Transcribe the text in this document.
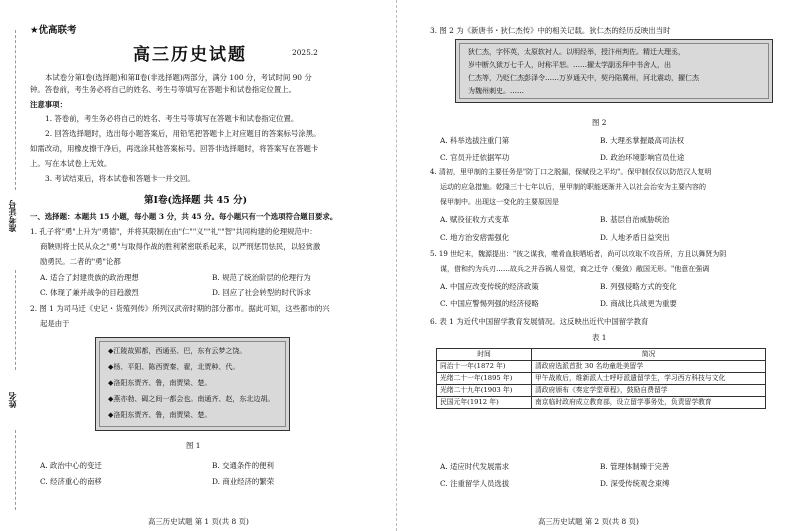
★优高联考
高三历史试题	2025.2
本试卷分第Ⅰ卷(选择题)和第Ⅱ卷(非选择题)两部分，满分 100 分，考试时间 90 分
钟。答卷前，考生务必将自己的姓名、考生号等填写在答题卡和试卷指定位置上。
注意事项：
1. 答卷前，考生务必将自己的姓名、考生号等填写在答题卡和试卷指定位置。
2. 回答选择题时，选出每小题答案后，用铅笔把答题卡上对应题目的答案标号涂黑。
如需改动，用橡皮擦干净后，再选涂其他答案标号。回答非选择题时，将答案写在答题卡
上。写在本试卷上无效。
3. 考试结束后，将本试卷和答题卡一并交回。
第Ⅰ卷(选择题 共 45 分)
一、选择题：本题共 15 小题，每小题 3 分，共 45 分。每小题只有一个选项符合题目要求。
1. 孔子将"勇"上升为"勇德"，并将其限制在由"仁""义""礼""智"共同构建的伦理规范中：
商鞅则将士民从众之"勇"与取得作战的胜利紧密联系起来，以严刑惩罚怯民，以轻赏激
励勇民。二者的"勇"论都
A. 适合了封建贵族的政治理想	B. 规范了统治阶层的伦理行为
C. 体现了兼并战争的目趋激烈	D. 回应了社会转型的时代诉求
2. 图 1 为司马迁《史记・货殖列传》所列汉武帝时期的部分都市。据此可知，这些都市的兴
起是由于
◆江陵故郢都，西通巫、巴，东有云梦之饶。
◆杨、平阳、陈西贾秦、翟，北贾种、代。
◆洛阳东贾齐、鲁，南贾梁、楚。
◆燕亦勃、碣之间一都会也。南通齐、赵，东北边胡。
◆洛阳东贾齐、鲁，南贾梁、楚。
图 1
A. 政治中心的变迁	B. 交通条件的便利
C. 经济重心的南移	D. 商业经济的繁荣
准考证号
姓名
高三历史试题 第 1 页(共 8 页)
3. 图 2 为《新唐书・狄仁杰传》中的相关记载。狄仁杰的经历反映出当时
狄仁杰，字怀英，太原软衬人。以明经举，授汴州判佐。精迁大理丞，
岁中断久狱万七千人，时称平恕。……擢太学副丞拜中书舍人，出
仁杰等，乃贬仁杰彭泽令……万岁通天中，契丹陷冀州，河北震动，擢仁杰
为魏州刺史。……
图 2
A. 科举选拔注重门第	B. 大理丞掌握最高司法权
C. 官员升迁依据军功	D. 政治环境影响官员仕途
4. 清初，里甲制的主要任务是"防丁口之脱漏，保赋役之平均"。保甲制仅仅以防范汉人复明
运动的应急措施。乾隆三十七年以后，里甲制的职能逐渐并入以社会治安为主要内容的
保甲制中。出现这一变化的主要原因是
A. 赋役征收方式变革	B. 基层自治威胁统治
C. 地方治安痞需强化	D. 人地矛盾日益突出
5. 19 世纪末，魏源提出："彼之谋我，噬肴血肤晒垢者，尚可以攻取不攻吾所，方且以舞贤为阴
谋，借和约为兵刃……故兵之并吞祸人易觉，商之迁夺（聚敛）敝国无形。"他意在强调
A. 中国应改变传统的经济政策	B. 列强侵略方式的变化
C. 中国应警惕列强的经济侵略	D. 商战比兵战更为重要
6. 表 1 为近代中国留学教育发展情况。这反映出近代中国留学教育
表 1
时间	简况
同治十一年(1872 年)	清政府选派首批 30 名幼童赴美留学
光绪二十一年(1895 年)	甲午战败后，维新派人士呼吁派遣留学生，学习西方科技与文化
光绪二十九年(1903 年)	清政府颁布《奏定学堂章程》，鼓励自费留学
民国元年(1912 年)	南京临时政府成立教育部，设立留学事务处，负责留学教育
A. 适应时代发展需求	B. 管理体制臻于完善
C. 注重留学人员选拔	D. 深受传统观念束缚
高三历史试题 第 2 页(共 8 页)
